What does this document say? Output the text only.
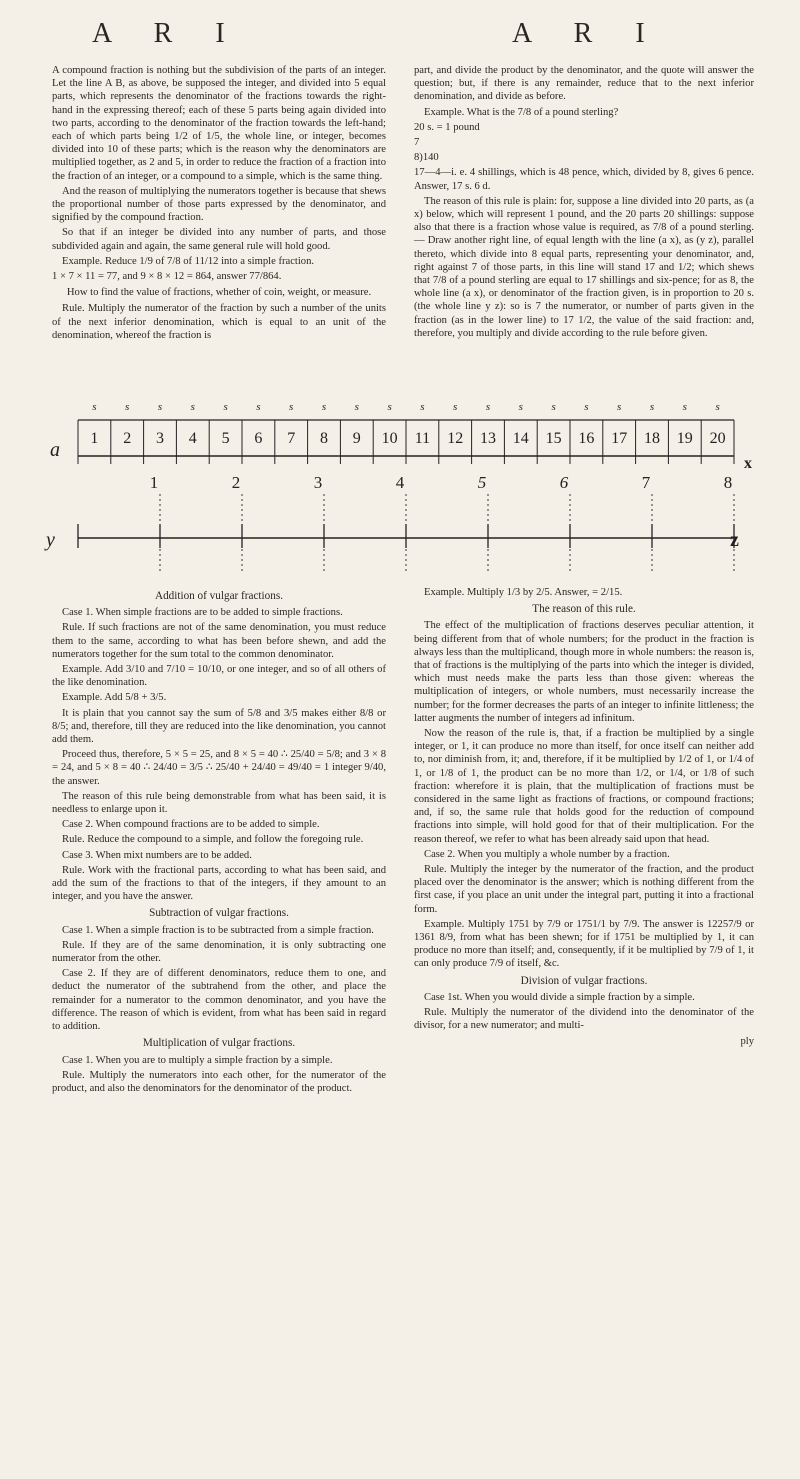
A R I	A R I

A compound fraction is nothing but the subdivision of the parts of an integer. Let the line A B, as above, be supposed the integer, and divided into 5 equal parts, which represents the denominator of the fractions towards the right-hand in the expressing thereof; each of these 5 parts being again divided into two parts, according to the denominator of the fraction towards the left-hand; each of which parts being 1/2 of 1/5, the whole line, or integer, becomes divided into 10 of these parts; which is the reason why the denominators are multiplied together, as 2 and 5, in order to reduce the fraction of a fraction into the fraction of an integer, or a compound to a simple, which is the same thing.

And the reason of multiplying the numerators together is because that shews the proportional number of those parts expressed by the denominator, and signified by the compound fraction.

So that if an integer be divided into any number of parts, and those subdivided again and again, the same general rule will hold good.

Example. Reduce 1/9 of 7/8 of 11/12 into a simple fraction.

1 × 7 × 11 = 77, and 9 × 8 × 12 = 864, answer 77/864.

How to find the value of fractions, whether of coin, weight, or measure.

Rule. Multiply the numerator of the fraction by such a number of the units of the next inferior denomination, which is equal to an unit of the denomination, whereof the fraction is

part, and divide the product by the denominator, and the quote will answer the question; but, if there is any remainder, reduce that to the next inferior denomination, and divide as before.

Example. What is the 7/8 of a pound sterling?

20 s. = 1 pound

7

8)140

17—4—i. e. 4 shillings, which is 48 pence, which, divided by 8, gives 6 pence. Answer, 17 s. 6 d.

The reason of this rule is plain: for, suppose a line divided into 20 parts, as (a x) below, which will represent 1 pound, and the 20 parts 20 shillings: suppose also that there is a fraction whose value is required, as 7/8 of a pound sterling. — Draw another right line, of equal length with the line (a x), as (y z), parallel thereto, which divide into 8 equal parts, representing your denominator, and, right against 7 of those parts, in this line will stand 17 and 1/2; which shews that 7/8 of a pound sterling are equal to 17 shillings and six-pence; for as 8, the whole line (a x), or denominator of the fraction given, is in proportion to 20 s. (the whole line y z): so is 7 the numerator, or number of parts given in the fraction (as in the lower line) to 17 1/2, the value of the said fraction: and, therefore, you multiply and divide according to the rule before given.

s	s	s	s	s	s	s	s	s	s	s	s	s	s	s	s	s	s	s	s
1 2 3 4 5 6 7 8 9 10 11 12 13 14 15 16 17 18 19 20
1	2	3	4	5	6	7	8
a
x
y	z

Addition of vulgar fractions.

Case 1. When simple fractions are to be added to simple fractions.

Rule. If such fractions are not of the same denomination, you must reduce them to the same, according to what has been before shewn, and add the numerators together for the sum total to the common denominator.

Example. Add 3/10 and 7/10 = 10/10, or one integer, and so of all others of the like denomination.

Example. Add 5/8 + 3/5.

It is plain that you cannot say the sum of 5/8 and 3/5 makes either 8/8 or 8/5; and, therefore, till they are reduced into the like denomination, you cannot add them.

Proceed thus, therefore, 5 × 5 = 25, and 8 × 5 = 40 ∴ 25/40 = 5/8; and 3 × 8 = 24, and 5 × 8 = 40 ∴ 24/40 = 3/5 ∴ 25/40 + 24/40 = 49/40 = 1 integer 9/40, the answer.

The reason of this rule being demonstrable from what has been said, it is needless to enlarge upon it.

Case 2. When compound fractions are to be added to simple.

Rule. Reduce the compound to a simple, and follow the foregoing rule.

Case 3. When mixt numbers are to be added.

Rule. Work with the fractional parts, according to what has been said, and add the sum of the fractions to that of the integers, if they amount to an integer, and you have the answer.

Subtraction of vulgar fractions.

Case 1. When a simple fraction is to be subtracted from a simple fraction.

Rule. If they are of the same denomination, it is only subtracting one numerator from the other.

Case 2. If they are of different denominators, reduce them to one, and deduct the numerator of the subtrahend from the other, and place the remainder for a numerator to the common denominator, and you have the difference. The reason of which is evident, from what has been said in regard to addition.

Multiplication of vulgar fractions.

Case 1. When you are to multiply a simple fraction by a simple.

Rule. Multiply the numerators into each other, for the numerator of the product, and also the denominators for the denominator of the product.

Example. Multiply 1/3 by 2/5. Answer, = 2/15.

The reason of this rule.

The effect of the multiplication of fractions deserves peculiar attention, it being different from that of whole numbers; for the product in the fraction is always less than the multiplicand, though more in whole numbers: the reason is, that of fractions is the multiplying of the parts into which the integer is divided, which must needs make the parts less than those given: whereas the multiplication of integers, or whole numbers, must necessarily increase the number; for the former decreases the parts of an integer to infinite littleness; the latter augments the number of integers ad infinitum.

Now the reason of the rule is, that, if a fraction be multiplied by a single integer, or 1, it can produce no more than itself, for once itself can neither add to, nor diminish from, it; and, therefore, if it be multiplied by 1/2 of 1, or 1/4 of 1, or 1/8 of 1, the product can be no more than 1/2, or 1/4, or 1/8 of such fraction: wherefore it is plain, that the multiplication of fractions must be considered in the same light as fractions of fractions, or compound fractions; and, if so, the same rule that holds good for the reduction of compound fractions into simple, will hold good for that of their multiplication. For the reason thereof, we refer to what has been already said upon that head.

Case 2. When you multiply a whole number by a fraction.

Rule. Multiply the integer by the numerator of the fraction, and the product placed over the denominator is the answer; which is nothing different from the first case, if you place an unit under the integral part, putting it into a fractional form.

Example. Multiply 1751 by 7/9 or 1751/1 by 7/9. The answer is 12257/9 or 1361 8/9, from what has been shewn; for if 1751 be multiplied by 1, it can produce no more than itself; and, consequently, if it be multiplied by 7/9 of 1, it can only produce 7/9 of itself, &c.

Division of vulgar fractions.

Case 1st. When you would divide a simple fraction by a simple.

Rule. Multiply the numerator of the dividend into the denominator of the divisor, for a new numerator; and multi-

ply
